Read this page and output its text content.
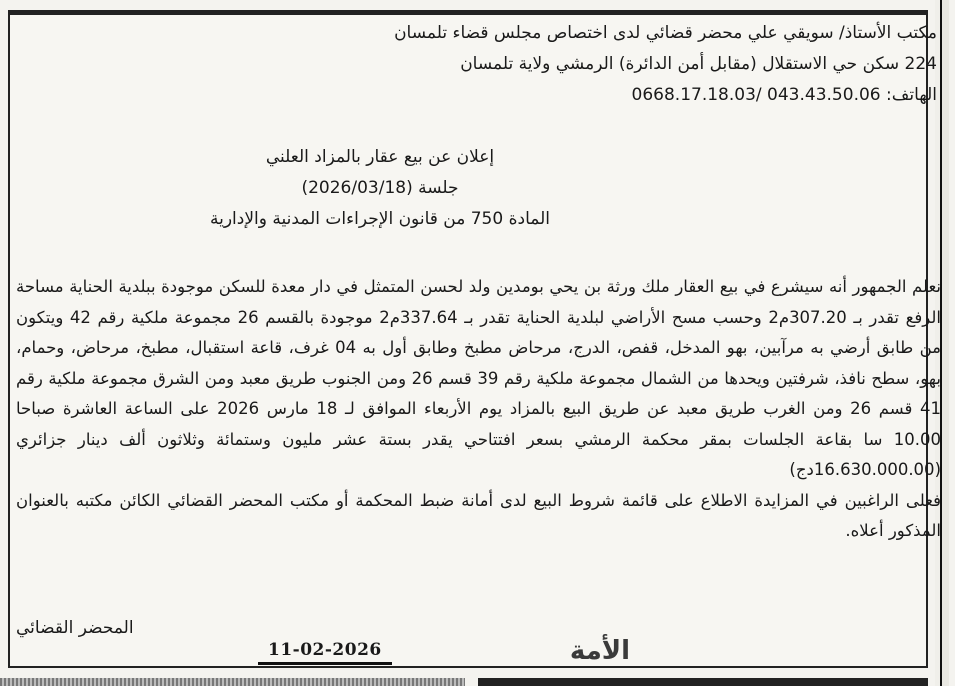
مكتب الأستاذ/ سويقي علي محضر قضائي لدى اختصاص مجلس قضاء تلمسان
224 سكن حي الاستقلال (مقابل أمن الدائرة) الرمشي ولاية تلمسان
الهاتف: 043.43.50.06 /0668.17.18.03
إعلان عن بيع عقار بالمزاد العلني
جلسة (2026/03/18)
المادة 750 من قانون الإجراءات المدنية والإدارية

نعلم الجمهور أنه سيشرع في بيع العقار ملك ورثة بن يحي بومدين ولد لحسن المتمثل في دار معدة للسكن موجودة ببلدية الحناية مساحة الرفع تقدر بـ 307.20م2 وحسب مسح الأراضي لبلدية الحناية تقدر بـ 337.64م2 موجودة بالقسم 26 مجموعة ملكية رقم 42 ويتكون من طابق أرضي به مرآبين، بهو المدخل، قفص، الدرج، مرحاض مطبخ وطابق أول به 04 غرف، قاعة استقبال، مطبخ، مرحاض، وحمام، بهو، سطح نافذ، شرفتين ويحدها من الشمال مجموعة ملكية رقم 39 قسم 26 ومن الجنوب طريق معبد ومن الشرق مجموعة ملكية رقم 41 قسم 26 ومن الغرب طريق معبد عن طريق البيع بالمزاد يوم الأربعاء الموافق لـ 18 مارس 2026 على الساعة العاشرة صباحا 10.00 سا بقاعة الجلسات بمقر محكمة الرمشي بسعر افتتاحي يقدر بستة عشر مليون وستمائة وثلاثون ألف دينار جزائري (16.630.000.00دج)

فعلى الراغبين في المزايدة الاطلاع على قائمة شروط البيع لدى أمانة ضبط المحكمة أو مكتب المحضر القضائي الكائن مكتبه بالعنوان المذكور أعلاه.

المحضر القضائي
الأمة
11-02-2026
